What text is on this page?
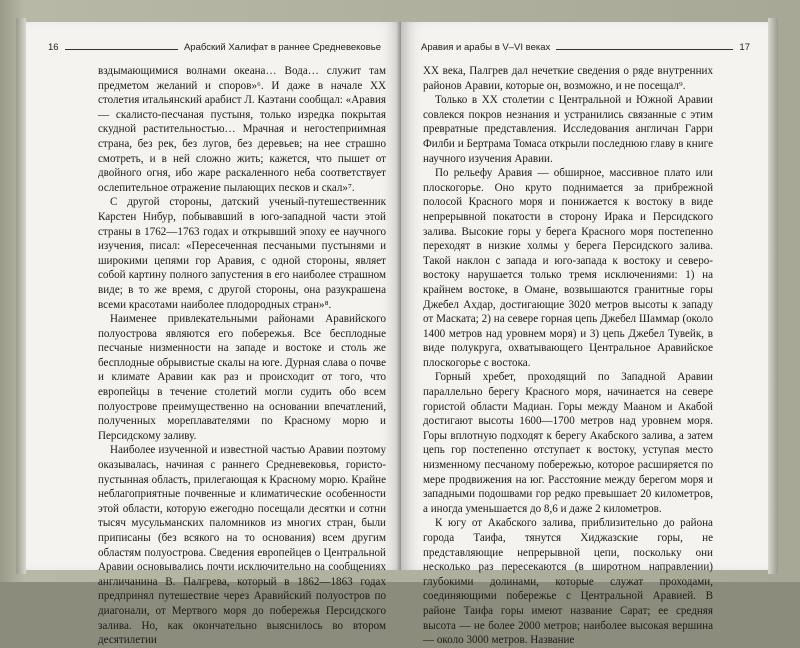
16	Арабский Халифат в раннее Средневековье

вздымающимися волнами океана… Вода… служит там предметом желаний и споров»⁶. И даже в начале XX столетия итальянский арабист Л. Каэтани сообщал: «Аравия — скалисто-песчаная пустыня, только изредка покрытая скудной растительностью… Мрачная и негостеприимная страна, без рек, без лугов, без деревьев; на нее страшно смотреть, и в ней сложно жить; кажется, что пышет от двойного огня, ибо жаре раскаленного неба соответствует ослепительное отражение пылающих песков и скал»⁷.

С другой стороны, датский ученый-путешественник Карстен Нибур, побывавший в юго-западной части этой страны в 1762—1763 годах и открывший эпоху ее научного изучения, писал: «Пересеченная песчаными пустынями и широкими цепями гор Аравия, с одной стороны, являет собой картину полного запустения в его наиболее страшном виде; в то же время, с другой стороны, она разукрашена всеми красотами наиболее плодородных стран»⁸.

Наименее привлекательными районами Аравийского полуострова являются его побережья. Все бесплодные песчаные низменности на западе и востоке и столь же бесплодные обрывистые скалы на юге. Дурная слава о почве и климате Аравии как раз и происходит от того, что европейцы в течение столетий могли судить обо всем полуострове преимущественно на основании впечатлений, полученных мореплавателями по Красному морю и Персидскому заливу.

Наиболее изученной и известной частью Аравии поэтому оказывалась, начиная с раннего Средневековья, гористо-пустынная область, прилегающая к Красному морю. Крайне неблагоприятные почвенные и климатические особенности этой области, которую ежегодно посещали десятки и сотни тысяч мусульманских паломников из многих стран, были приписаны (без всякого на то основания) всем другим областям полуострова. Сведения европейцев о Центральной Аравии основывались почти исключительно на сообщениях англичанина В. Палгрева, который в 1862—1863 годах предпринял путешествие через Аравийский полуостров по диагонали, от Мертвого моря до побережья Персидского залива. Но, как окончательно выяснилось во втором десятилетии

Аравия и арабы в V–VI веках	17

XX века, Палгрев дал нечеткие сведения о ряде внутренних районов Аравии, которые он, возможно, и не посещал⁹.

Только в XX столетии с Центральной и Южной Аравии совлекся покров незнания и устранились связанные с этим превратные представления. Исследования англичан Гарри Филби и Бертрама Томаса открыли последнюю главу в книге научного изучения Аравии.

По рельефу Аравия — обширное, массивное плато или плоскогорье. Оно круто поднимается за прибрежной полосой Красного моря и понижается к востоку в виде непрерывной покатости в сторону Ирака и Персидского залива. Высокие горы у берега Красного моря постепенно переходят в низкие холмы у берега Персидского залива. Такой наклон с запада и юго-запада к востоку и северо-востоку нарушается только тремя исключениями: 1) на крайнем востоке, в Омане, возвышаются гранитные горы Джебел Ахдар, достигающие 3020 метров высоты к западу от Маската; 2) на севере горная цепь Джебел Шаммар (около 1400 метров над уровнем моря) и 3) цепь Джебел Тувейк, в виде полукруга, охватывающего Центральное Аравийское плоскогорье с востока.

Горный хребет, проходящий по Западной Аравии параллельно берегу Красного моря, начинается на севере гористой области Мадиан. Горы между Мааном и Акабой достигают высоты 1600—1700 метров над уровнем моря. Горы вплотную подходят к берегу Акабского залива, а затем цепь гор постепенно отступает к востоку, уступая место низменному песчаному побережью, которое расширяется по мере продвижения на юг. Расстояние между берегом моря и западными подошвами гор редко превышает 20 километров, а иногда уменьшается до 8,6 и даже 2 километров.

К югу от Акабского залива, приблизительно до района города Таифа, тянутся Хиджазские горы, не представляющие непрерывной цепи, поскольку они несколько раз пересекаются (в широтном направлении) глубокими долинами, которые служат проходами, соединяющими побережье с Центральной Аравией. В районе Таифа горы имеют название Сарат; ее средняя высота — не более 2000 метров; наиболее высокая вершина — около 3000 метров. Название
